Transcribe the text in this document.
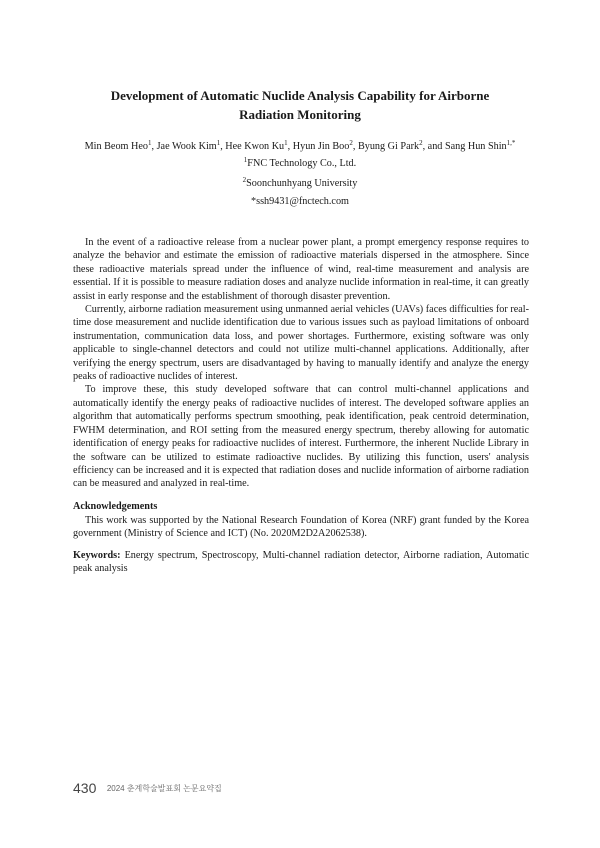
Development of Automatic Nuclide Analysis Capability for Airborne
Radiation Monitoring
Min Beom Heo$^1$, Jae Wook Kim$^1$, Hee Kwon Ku$^1$, Hyun Jin Boo$^2$, Byung Gi Park$^2$, and Sang Hun Shin$^{1,*}$
$^1$FNC Technology Co., Ltd.
$^2$Soonchunhyang University
*ssh9431@fnctech.com

In the event of a radioactive release from a nuclear power plant, a prompt emergency response requires to analyze the behavior and estimate the emission of radioactive materials dispersed in the atmosphere. Since these radioactive materials spread under the influence of wind, real-time measurement and analysis are essential. If it is possible to measure radiation doses and analyze nuclide information in real-time, it can greatly assist in early response and the establishment of thorough disaster prevention.

Currently, airborne radiation measurement using unmanned aerial vehicles (UAVs) faces difficulties for real-time dose measurement and nuclide identification due to various issues such as payload limitations of onboard instrumentation, communication data loss, and power shortages. Furthermore, existing software was only applicable to single-channel detectors and could not utilize multi-channel applications. Additionally, after verifying the energy spectrum, users are disadvantaged by having to manually identify and analyze the energy peaks of radioactive nuclides of interest.

To improve these, this study developed software that can control multi-channel applications and automatically identify the energy peaks of radioactive nuclides of interest. The developed software applies an algorithm that automatically performs spectrum smoothing, peak identification, peak centroid determination, FWHM determination, and ROI setting from the measured energy spectrum, thereby allowing for automatic identification of energy peaks for radioactive nuclides of interest. Furthermore, the inherent Nuclide Library in the software can be utilized to estimate radioactive nuclides. By utilizing this function, users' analysis efficiency can be increased and it is expected that radiation doses and nuclide information of airborne radiation can be measured and analyzed in real-time.

Acknowledgements
This work was supported by the National Research Foundation of Korea (NRF) grant funded by the Korea government (Ministry of Science and ICT) (No. 2020M2D2A2062538).
Keywords: Energy spectrum, Spectroscopy, Multi-channel radiation detector, Airborne radiation, Automatic peak analysis
430 2024 춘계학술발표회 논문요약집
